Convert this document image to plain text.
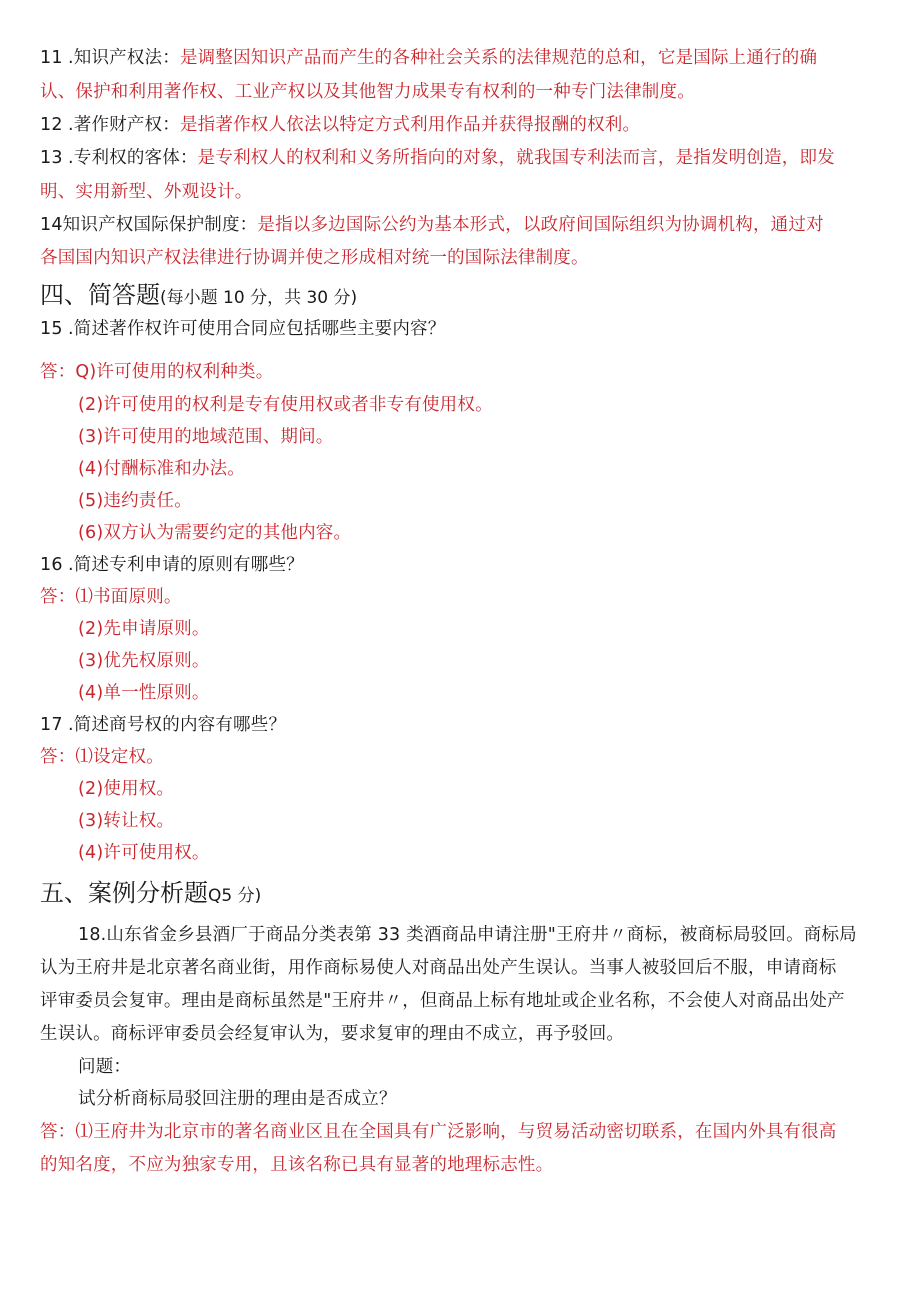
11 .知识产权法：是调整因知识产品而产生的各种社会关系的法律规范的总和，它是国际上通行的确
认、保护和利用著作权、工业产权以及其他智力成果专有权利的一种专门法律制度。
12 .著作财产权：是指著作权人依法以特定方式利用作品并获得报酬的权利。
13 .专利权的客体：是专利权人的权利和义务所指向的对象，就我国专利法而言，是指发明创造，即发
明、实用新型、外观设计。
14知识产权国际保护制度：是指以多边国际公约为基本形式，以政府间国际组织为协调机构，通过对
各国国内知识产权法律进行协调并使之形成相对统一的国际法律制度。
四、简答题(每小题 10 分，共 30 分)
15 .简述著作权许可使用合同应包括哪些主要内容？
答：Q)许可使用的权利种类。
(2)许可使用的权利是专有使用权或者非专有使用权。
(3)许可使用的地域范围、期间。
(4)付酬标准和办法。
(5)违约责任。
(6)双方认为需要约定的其他内容。
16 .简述专利申请的原则有哪些？
答：⑴书面原则。
(2)先申请原则。
(3)优先权原则。
(4)单一性原则。
17 .简述商号权的内容有哪些？
答：⑴设定权。
(2)使用权。
(3)转让权。
(4)许可使用权。
五、案例分析题Q5 分)
18.山东省金乡县酒厂于商品分类表第 33 类酒商品申请注册"王府井〃商标，被商标局驳回。商标局
认为王府井是北京著名商业街，用作商标易使人对商品出处产生误认。当事人被驳回后不服，申请商标
评审委员会复审。理由是商标虽然是"王府井〃，但商品上标有地址或企业名称，不会使人对商品出处产
生误认。商标评审委员会经复审认为，要求复审的理由不成立，再予驳回。
问题：
试分析商标局驳回注册的理由是否成立？
答：⑴王府井为北京市的著名商业区且在全国具有广泛影响，与贸易活动密切联系，在国内外具有很高
的知名度，不应为独家专用，且该名称已具有显著的地理标志性。
